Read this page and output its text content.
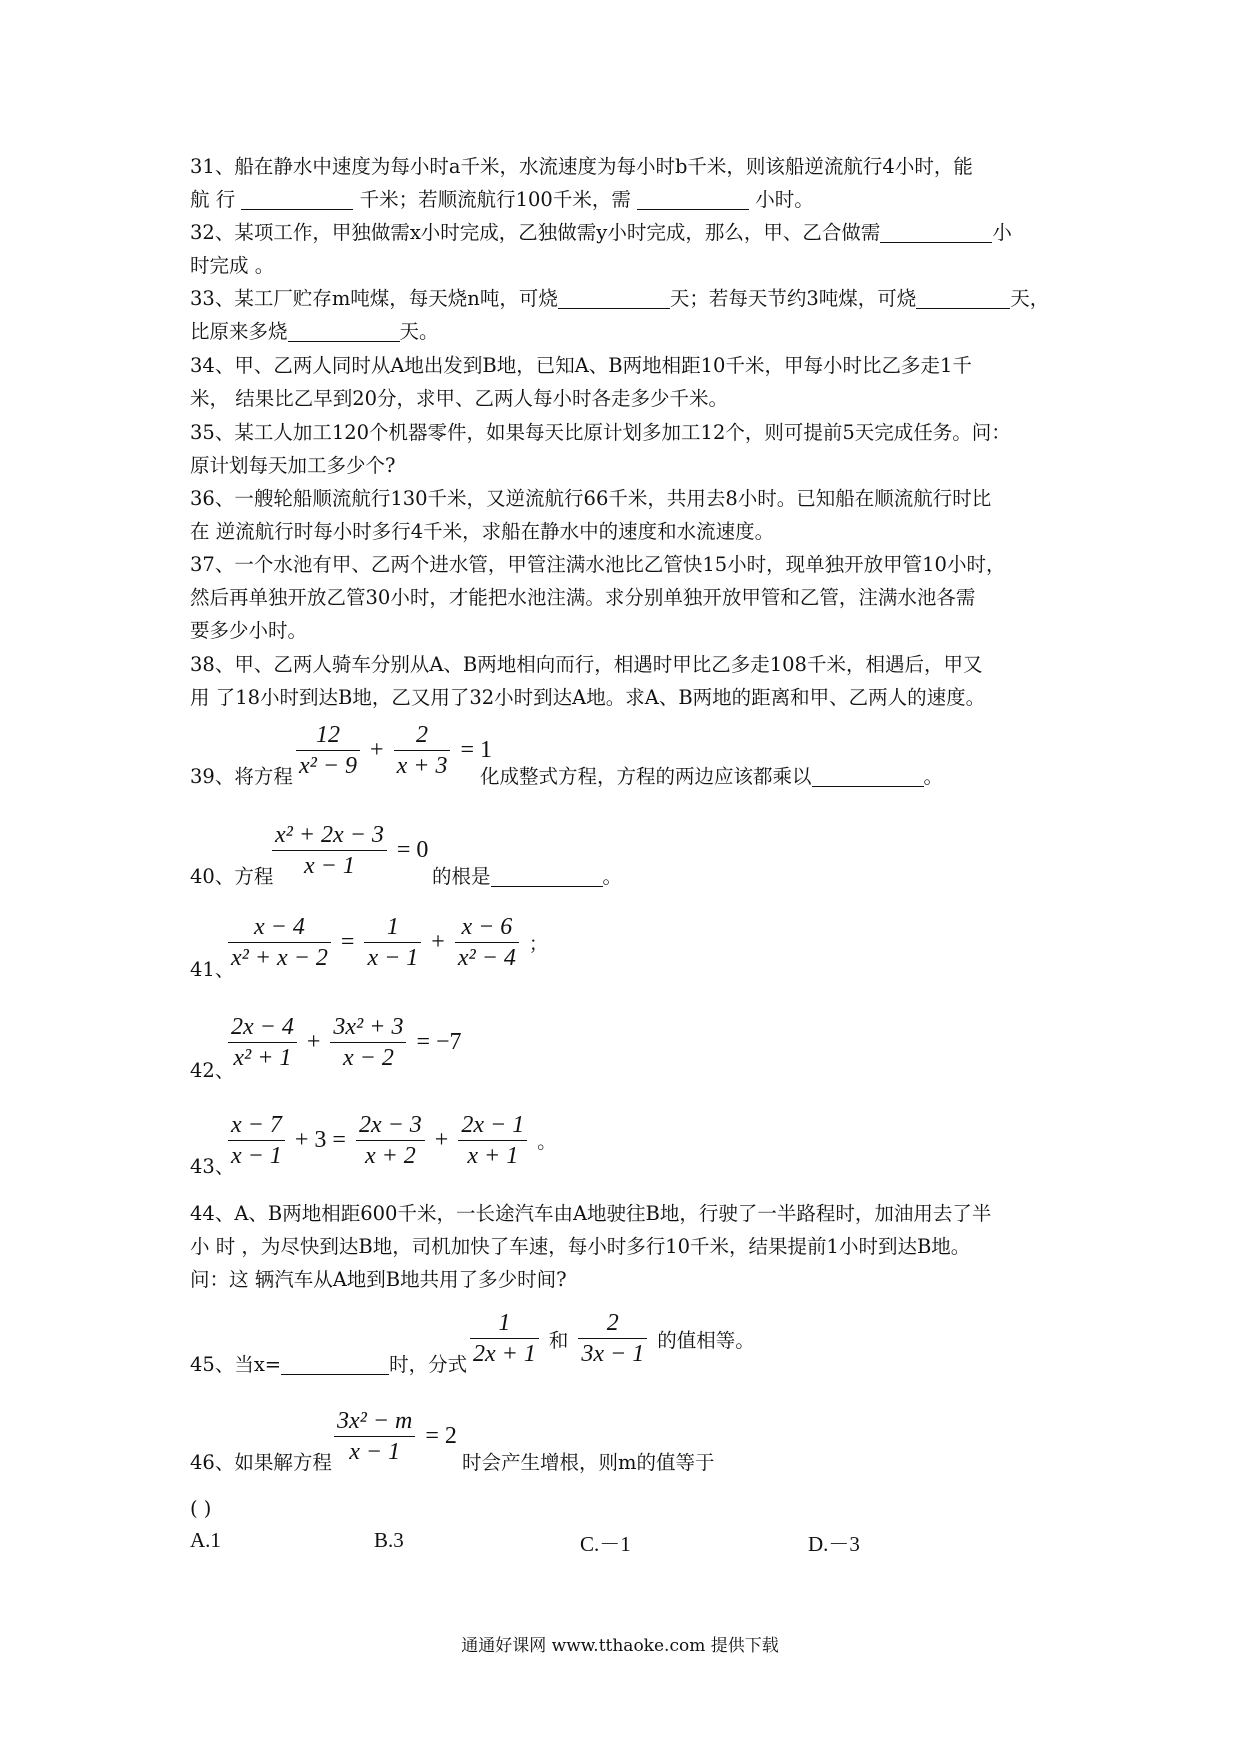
31、船在静水中速度为每小时a千米，水流速度为每小时b千米，则该船逆流航行4小时，能
航 行	千米；若顺流航行100千米，需	小时。
32、某项工作，甲独做需x小时完成，乙独做需y小时完成，那么，甲、乙合做需	小
时完成 。
33、某工厂贮存m吨煤，每天烧n吨，可烧	天；若每天节约3吨煤，可烧	天，
比原来多烧	天。
34、甲、乙两人同时从A地出发到B地，已知A、B两地相距10千米，甲每小时比乙多走1千
米， 结果比乙早到20分，求甲、乙两人每小时各走多少千米。
35、某工人加工120个机器零件，如果每天比原计划多加工12个，则可提前5天完成任务。问：
原计划每天加工多少个?
36、一艘轮船顺流航行130千米，又逆流航行66千米，共用去8小时。已知船在顺流航行时比
在 逆流航行时每小时多行4千米，求船在静水中的速度和水流速度。
37、一个水池有甲、乙两个进水管，甲管注满水池比乙管快15小时，现单独开放甲管10小时，
然后再单独开放乙管30小时，才能把水池注满。求分别单独开放甲管和乙管，注满水池各需
要多少小时。
38、甲、乙两人骑车分别从A、B两地相向而行，相遇时甲比乙多走108千米，相遇后，甲又
用 了18小时到达B地，乙又用了32小时到达A地。求A、B两地的距离和甲、乙两人的速度。
39、将方程 $\frac{12}{\text{x² − 9}} + \frac{2}{x + 3} = 1$
化成整式方程，方程的两边应该都乘以	。
40、方程
$\frac{\text{x² + 2x − 3}}{x - 1} = 0$
的根是	。
41、
$\frac{x - 4}{\text{x² + x − 2}} = \frac{1}{x - 1} + \frac{x - 6}{\text{x² − 4}}$ ；
42、
$\frac{2x - 4}{\text{x² + 1}} + \frac{\text{3x² + 3}}{x - 2} = -7$
43、
$\frac{x - 7}{x - 1} + 3 = \frac{2x - 3}{x + 2} + \frac{2x - 1}{x + 1}$ 。
44、A、B两地相距600千米，一长途汽车由A地驶往B地，行驶了一半路程时，加油用去了半
小 时 ，为尽快到达B地，司机加快了车速，每小时多行10千米，结果提前1小时到达B地。
问：这 辆汽车从A地到B地共用了多少时间?
45、当x=	时，分式 $\frac{1}{2x + 1}$ 和 $\frac{2}{3x - 1}$ 的值相等。
46、如果解方程 $\frac{\text{3x² − m}}{x - 1} = 2$
时会产生增根，则m的值等于
( )
A.1	B.3	C.－1	D.－3
通通好课网 www.tthaoke.com 提供下载
